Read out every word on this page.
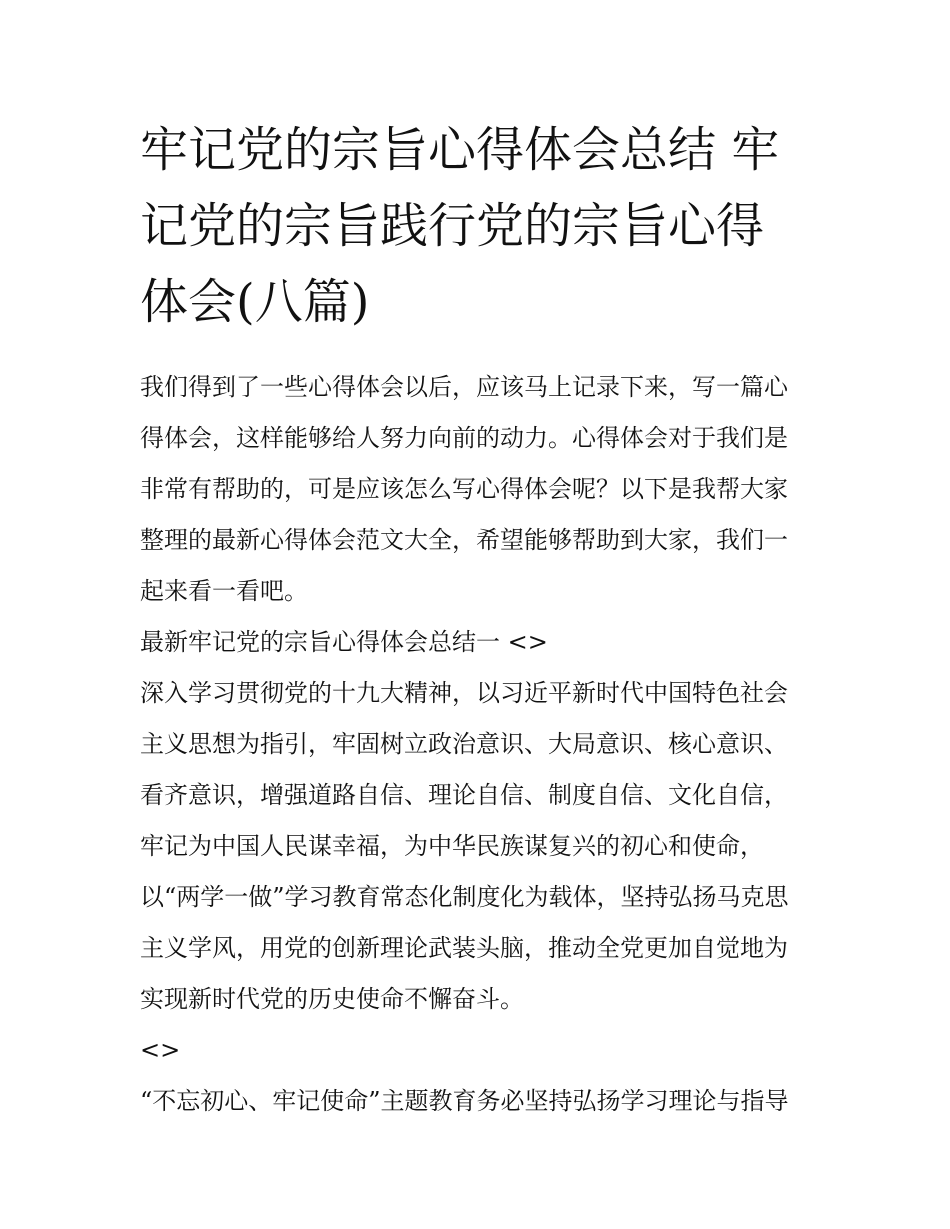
牢记党的宗旨心得体会总结 牢
记党的宗旨践行党的宗旨心得
体会(八篇)
我们得到了一些心得体会以后，应该马上记录下来，写一篇心
得体会，这样能够给人努力向前的动力。心得体会对于我们是
非常有帮助的，可是应该怎么写心得体会呢？以下是我帮大家
整理的最新心得体会范文大全，希望能够帮助到大家，我们一
起来看一看吧。
最新牢记党的宗旨心得体会总结一 <>
深入学习贯彻党的十九大精神，以习近平新时代中国特色社会
主义思想为指引，牢固树立政治意识、大局意识、核心意识、
看齐意识，增强道路自信、理论自信、制度自信、文化自信，
牢记为中国人民谋幸福，为中华民族谋复兴的初心和使命，
以“两学一做”学习教育常态化制度化为载体，坚持弘扬马克思
主义学风，用党的创新理论武装头脑，推动全党更加自觉地为
实现新时代党的历史使命不懈奋斗。
<>
“不忘初心、牢记使命”主题教育务必坚持弘扬学习理论与指导
